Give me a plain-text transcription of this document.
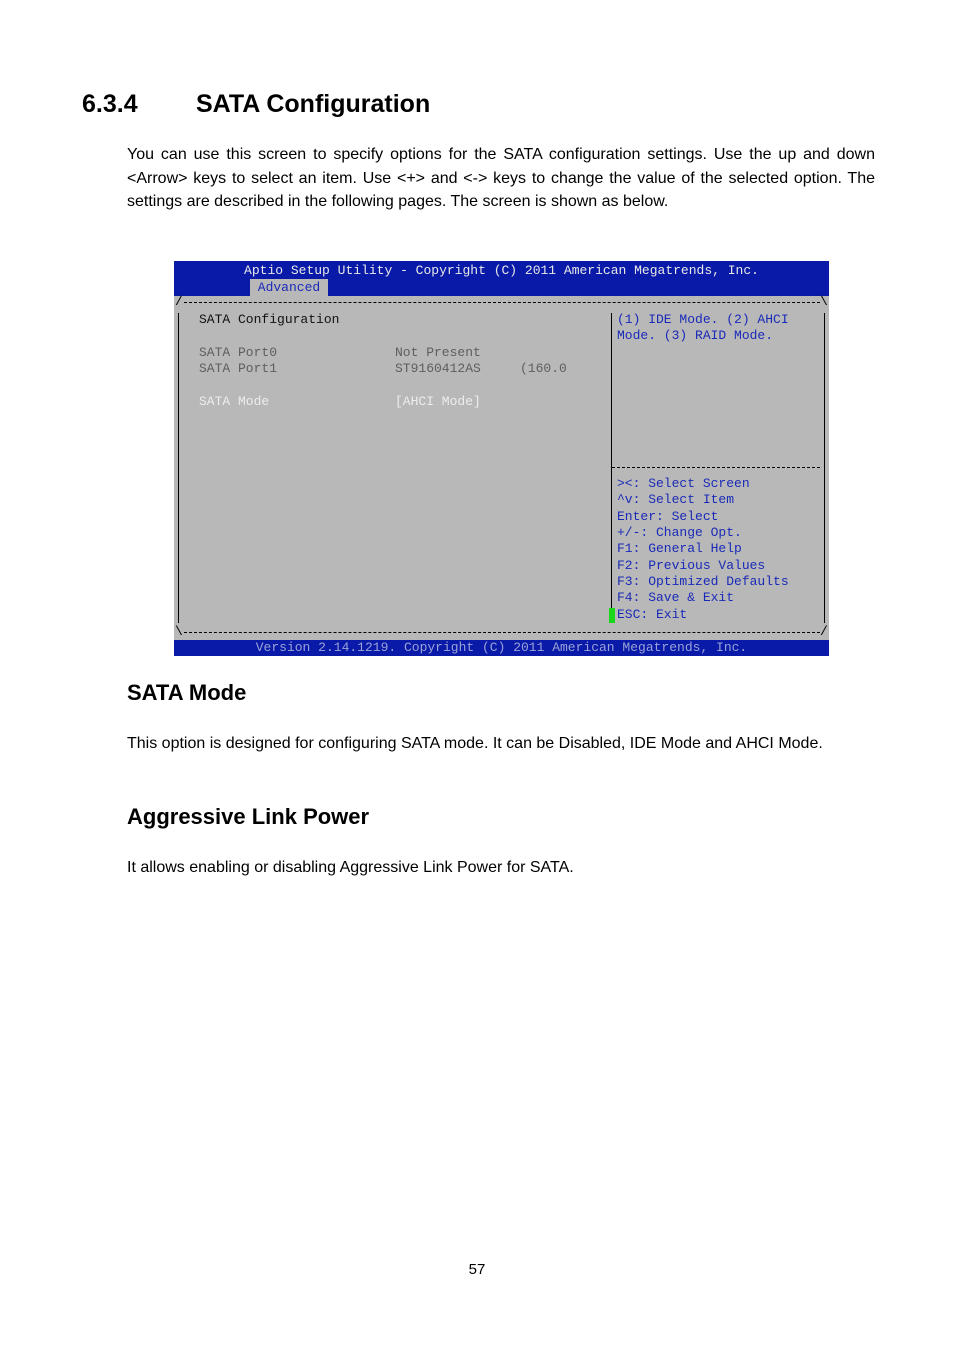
6.3.4 SATA Configuration

You can use this screen to specify options for the SATA configuration settings. Use the up and down <Arrow> keys to select an item. Use <+> and <-> keys to change the value of the selected option. The settings are described in the following pages. The screen is shown as below.

Aptio Setup Utility - Copyright (C) 2011 American Megatrends, Inc.
Advanced
/	\
\	/
SATA Configuration
SATA Port0	Not Present
SATA Port1	ST9160412AS	(160.0
SATA Mode	[AHCI Mode]
(1) IDE Mode. (2) AHCI
Mode. (3) RAID Mode.
><: Select Screen
^v: Select Item
Enter: Select
+/-: Change Opt.
F1: General Help
F2: Previous Values
F3: Optimized Defaults
F4: Save & Exit
ESC: Exit
Version 2.14.1219. Copyright (C) 2011 American Megatrends, Inc.
SATA Mode

This option is designed for configuring SATA mode. It can be Disabled, IDE Mode and AHCI Mode.

Aggressive Link Power

It allows enabling or disabling Aggressive Link Power for SATA.

57
